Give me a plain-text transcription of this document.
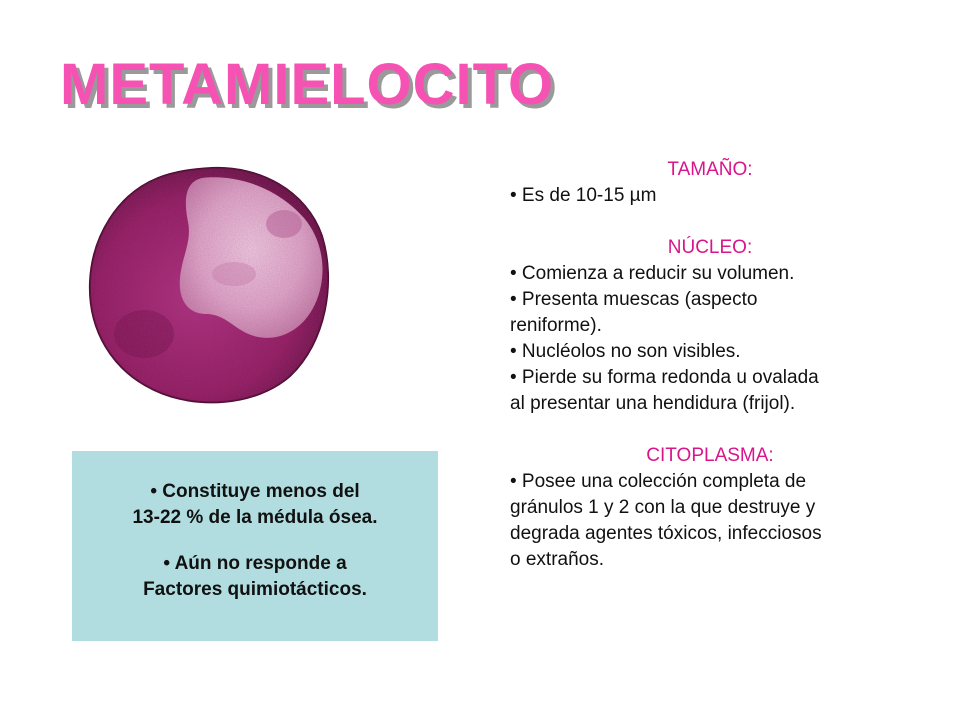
METAMIELOCITO

• Constituye menos del

13-22 % de la médula ósea.

• Aún no responde a

Factores quimiotácticos.

TAMAÑO:
• Es de 10-15 µm
NÚCLEO:
• Comienza a reducir su volumen.
• Presenta muescas (aspecto
reniforme).
• Nucléolos no son visibles.
• Pierde su forma redonda u ovalada
al presentar una hendidura (frijol).
CITOPLASMA:
• Posee una colección completa de
gránulos 1 y 2 con la que destruye y
degrada agentes tóxicos, infecciosos
o extraños.
